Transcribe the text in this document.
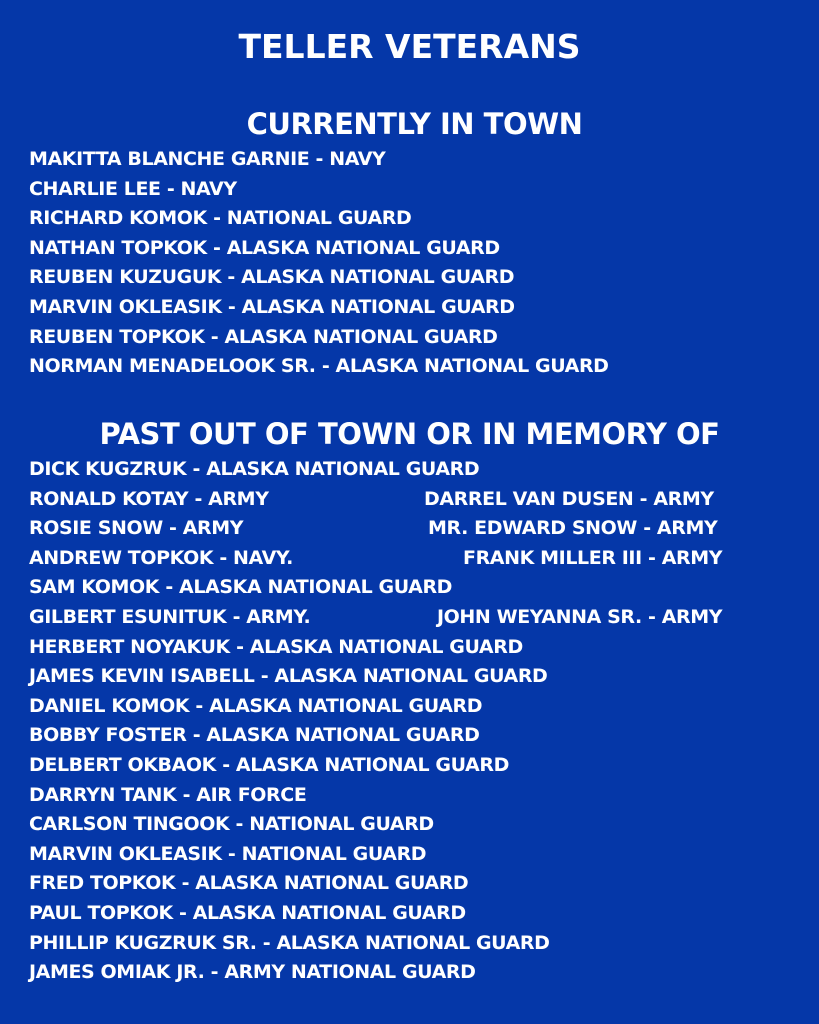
TELLER VETERANS
CURRENTLY IN TOWN
MAKITTA BLANCHE GARNIE - NAVY
CHARLIE LEE - NAVY
RICHARD KOMOK - NATIONAL GUARD
NATHAN TOPKOK - ALASKA NATIONAL GUARD
REUBEN KUZUGUK - ALASKA NATIONAL GUARD
MARVIN OKLEASIK - ALASKA NATIONAL GUARD
REUBEN TOPKOK - ALASKA NATIONAL GUARD
NORMAN MENADELOOK SR. - ALASKA NATIONAL GUARD
PAST OUT OF TOWN OR IN MEMORY OF
DICK KUGZRUK - ALASKA NATIONAL GUARD
RONALD KOTAY - ARMY	DARREL VAN DUSEN - ARMY
ROSIE SNOW - ARMY	MR. EDWARD SNOW - ARMY
ANDREW TOPKOK - NAVY.	FRANK MILLER III - ARMY
SAM KOMOK - ALASKA NATIONAL GUARD
GILBERT ESUNITUK - ARMY.	JOHN WEYANNA SR. - ARMY
HERBERT NOYAKUK - ALASKA NATIONAL GUARD
JAMES KEVIN ISABELL - ALASKA NATIONAL GUARD
DANIEL KOMOK - ALASKA NATIONAL GUARD
BOBBY FOSTER - ALASKA NATIONAL GUARD
DELBERT OKBAOK - ALASKA NATIONAL GUARD
DARRYN TANK - AIR FORCE
CARLSON TINGOOK - NATIONAL GUARD
MARVIN OKLEASIK - NATIONAL GUARD
FRED TOPKOK - ALASKA NATIONAL GUARD
PAUL TOPKOK - ALASKA NATIONAL GUARD
PHILLIP KUGZRUK SR. - ALASKA NATIONAL GUARD
JAMES OMIAK JR. - ARMY NATIONAL GUARD
